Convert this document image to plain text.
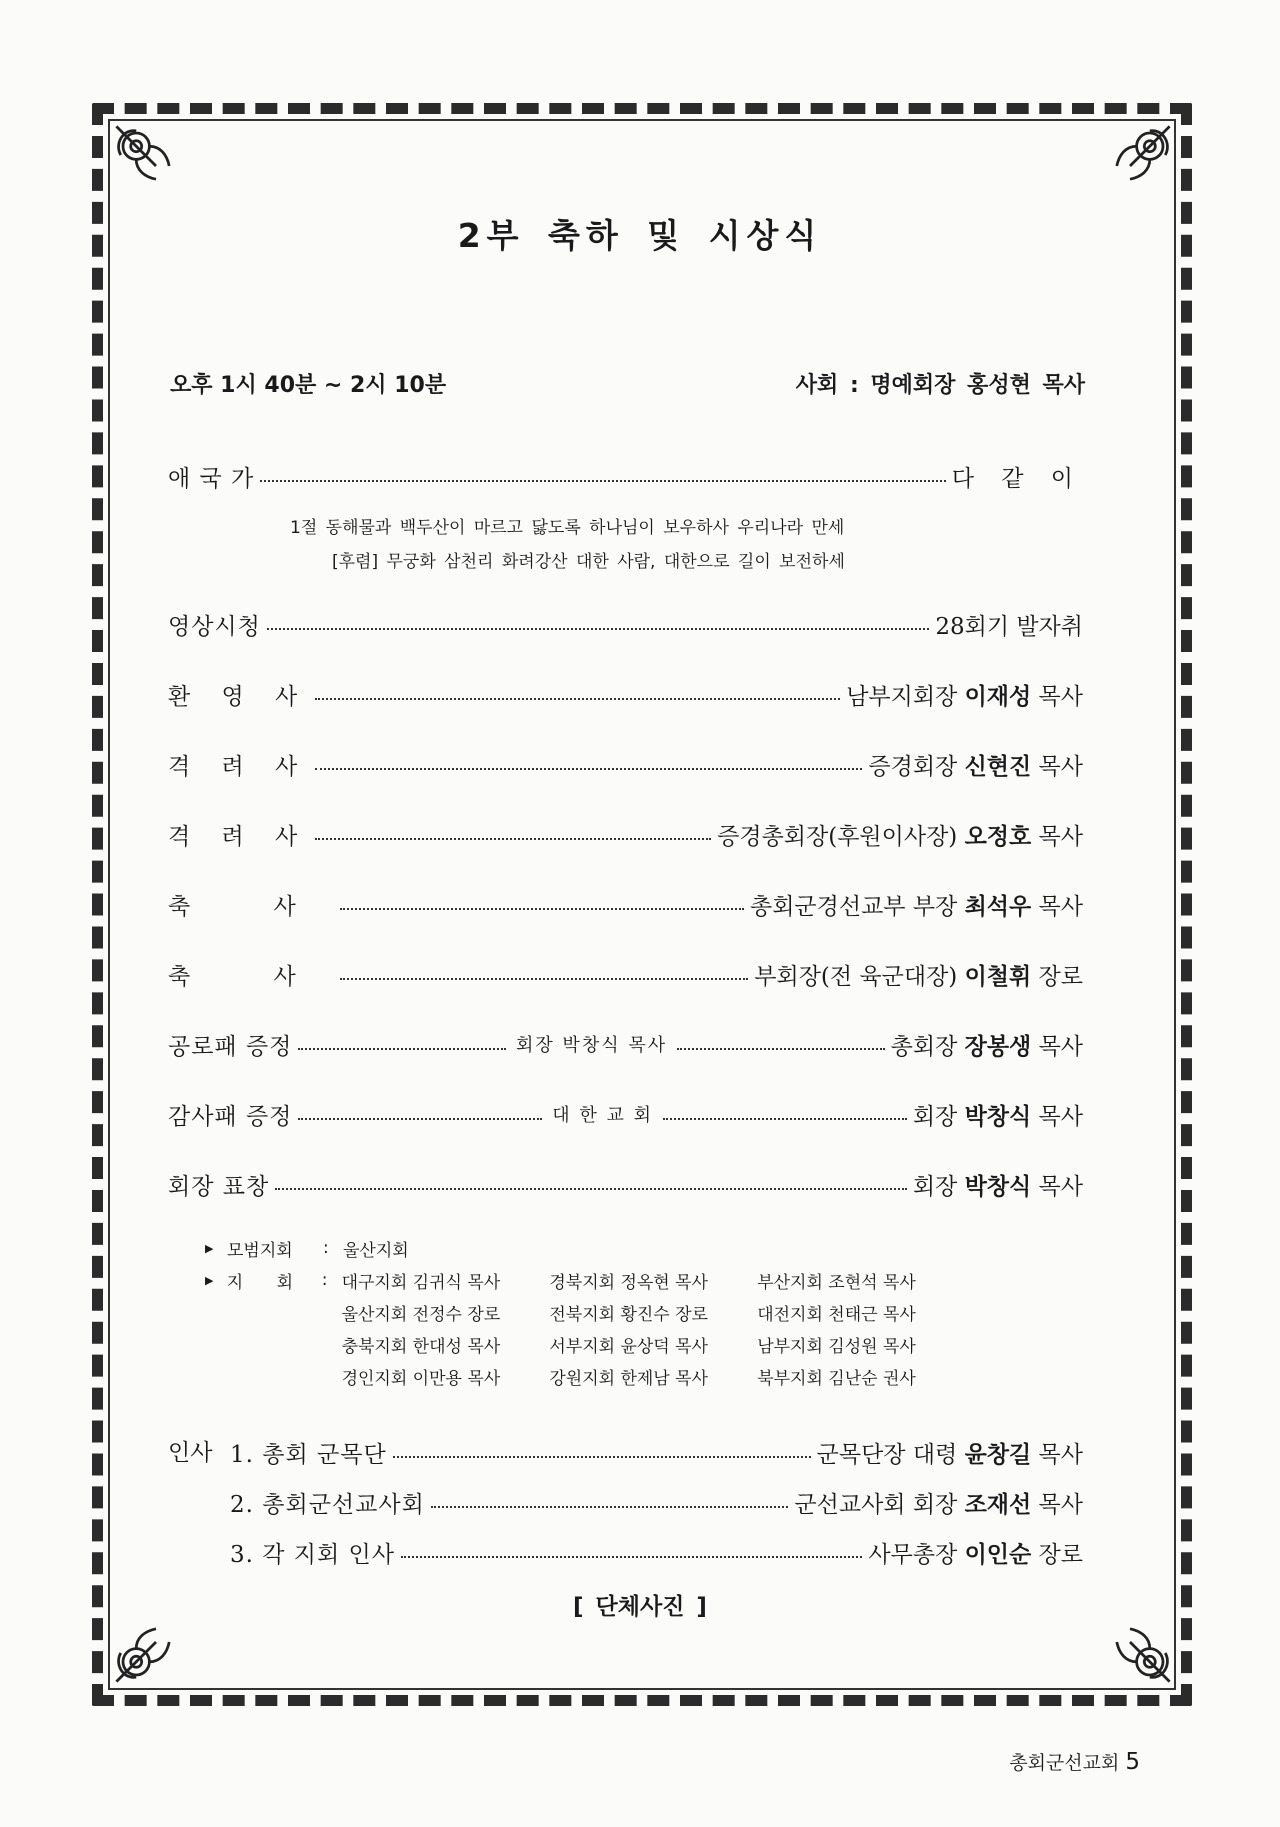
2부 축하 및 시상식
오후 1시 40분 ~ 2시 10분	사회 : 명예회장 홍성현 목사
애 국 가	다 같 이
1절 동해물과 백두산이 마르고 닳도록 하나님이 보우하사 우리나라 만세
[후렴] 무궁화 삼천리 화려강산 대한 사람, 대한으로 길이 보전하세
영상시청	28회기 발자취
환 영 사	남부지회장 이재성 목사
격 려 사	증경회장 신현진 목사
격 려 사	증경총회장(후원이사장) 오정호 목사
축 사	총회군경선교부 부장 최석우 목사
축 사	부회장(전 육군대장) 이철휘 장로
공로패 증정	회장 박창식 목사	총회장 장봉생 목사
감사패 증정	대 한 교 회	회장 박창식 목사
회장 표창	회장 박창식 목사
▶ 모범지회	: 울산지회
▶ 지 회 : 대구지회 김귀식 목사	경북지회 정옥현 목사	부산지회 조현석 목사
울산지회 전정수 장로	전북지회 황진수 장로	대전지회 천태근 목사
충북지회 한대성 목사	서부지회 윤상덕 목사	남부지회 김성원 목사
경인지회 이만용 목사	강원지회 한제남 목사	북부지회 김난순 권사
인사 1. 총회 군목단	군목단장 대령 윤창길 목사
2. 총회군선교사회	군선교사회 회장 조재선 목사
3. 각 지회 인사	사무총장 이인순 장로
[ 단체사진 ]
총회군선교회 5
